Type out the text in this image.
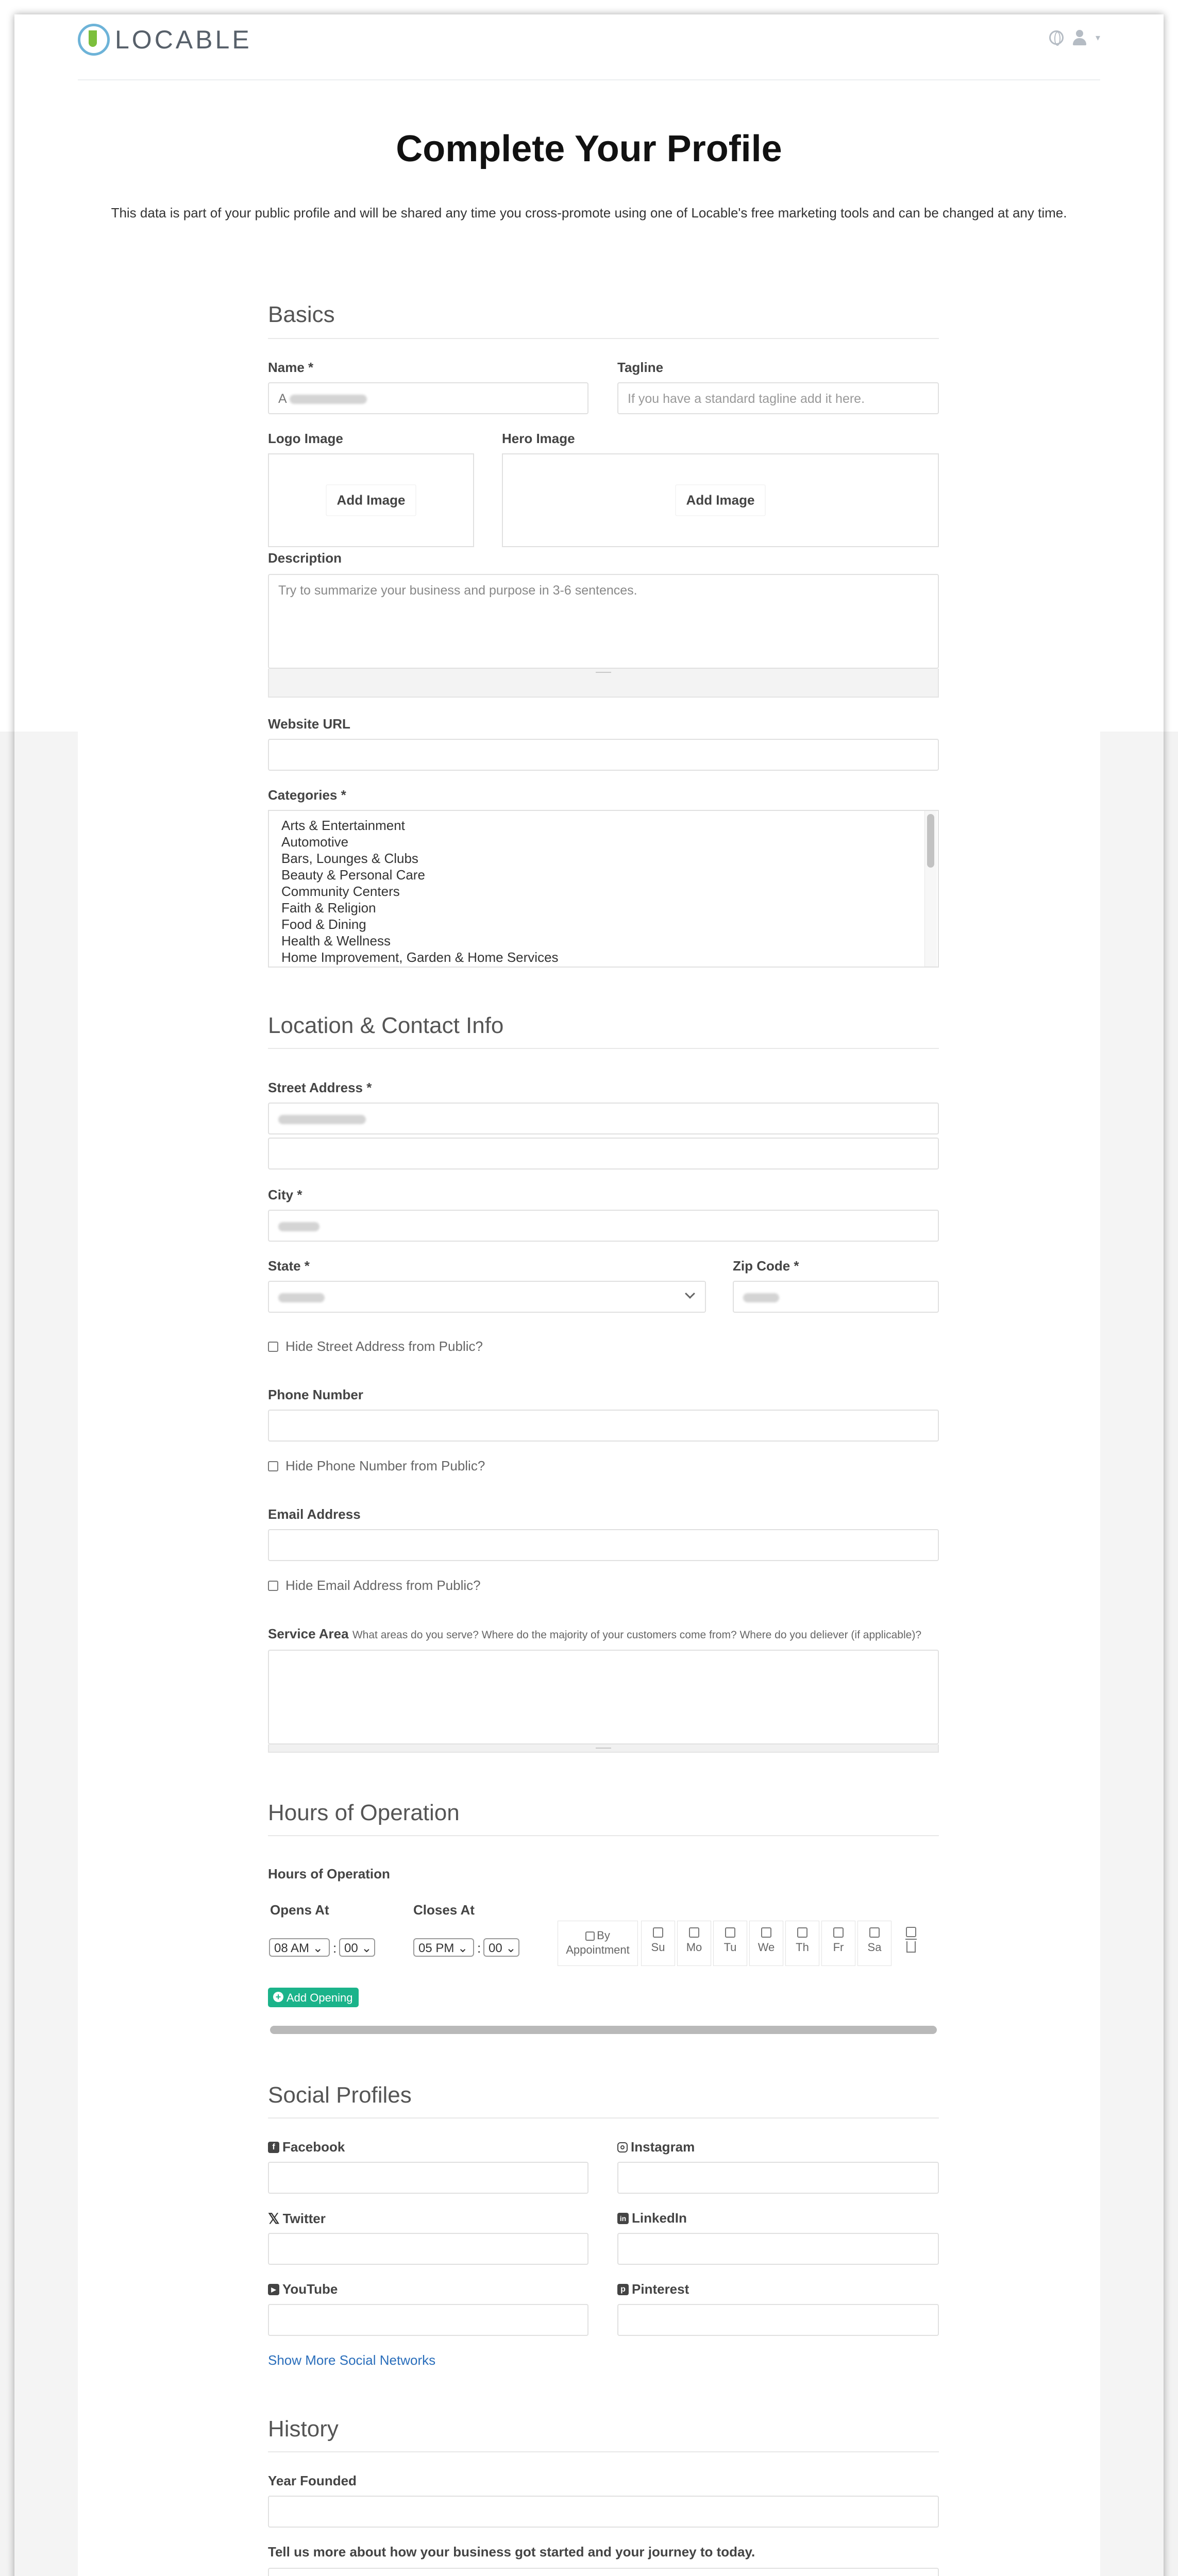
LOCABLE	▾
Complete Your Profile

This data is part of your public profile and will be shared any time you cross-promote using one of Locable's free marketing tools and can be changed at any time.

Basics
Name *
A
Tagline
If you have a standard tagline add it here.
Logo Image
Add Image
Hero Image
Add Image
Description
Try to summarize your business and purpose in 3-6 sentences.
Website URL
Categories *
Arts & Entertainment
Automotive
Bars, Lounges & Clubs
Beauty & Personal Care
Community Centers
Faith & Religion
Food & Dining
Health & Wellness
Home Improvement, Garden & Home Services
Location & Contact Info
Street Address *
City *
State *	Zip Code *
Hide Street Address from Public?
Phone Number
Hide Phone Number from Public?
Email Address
Hide Email Address from Public?
Service Area What areas do you serve? Where do the majority of your customers come from? Where do you deliever (if applicable)?
Hours of Operation
Hours of Operation
Opens At	Closes At
08 AM ⌄ : 00 ⌄	05 PM ⌄ : 00 ⌄
By
Appointment	Su	Mo	Tu	We	Th	Fr	Sa
+ Add Opening
Social Profiles
f Facebook	Instagram
𝕏 Twitter	in LinkedIn
▶ YouTube	p Pinterest
Show More Social Networks
History
Year Founded
Tell us more about how your business got started and your journey to today.
